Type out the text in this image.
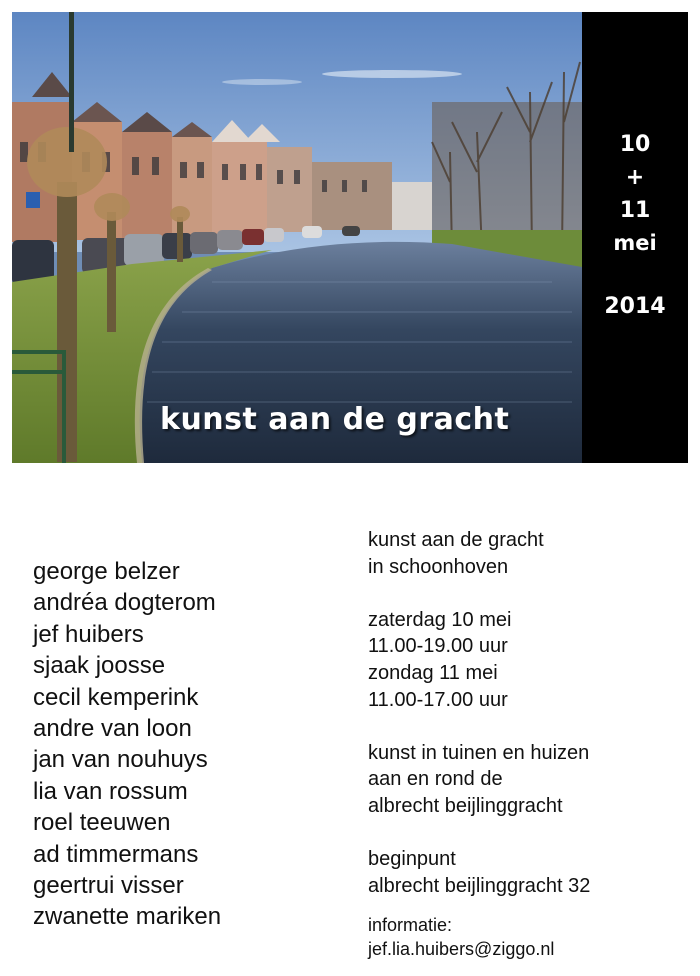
kunst aan de gracht
10
+
11
mei
2014
george belzer
andréa dogterom
jef huibers
sjaak joosse
cecil kemperink
andre van loon
jan van nouhuys
lia van rossum
roel teeuwen
ad timmermans
geertrui visser
zwanette mariken
kunst aan de gracht
in schoonhoven
zaterdag 10 mei
11.00-19.00 uur
zondag 11 mei
11.00-17.00 uur
kunst in tuinen en huizen
aan en rond de
albrecht beijlinggracht
beginpunt
albrecht beijlinggracht 32
informatie:
jef.lia.huibers@ziggo.nl
